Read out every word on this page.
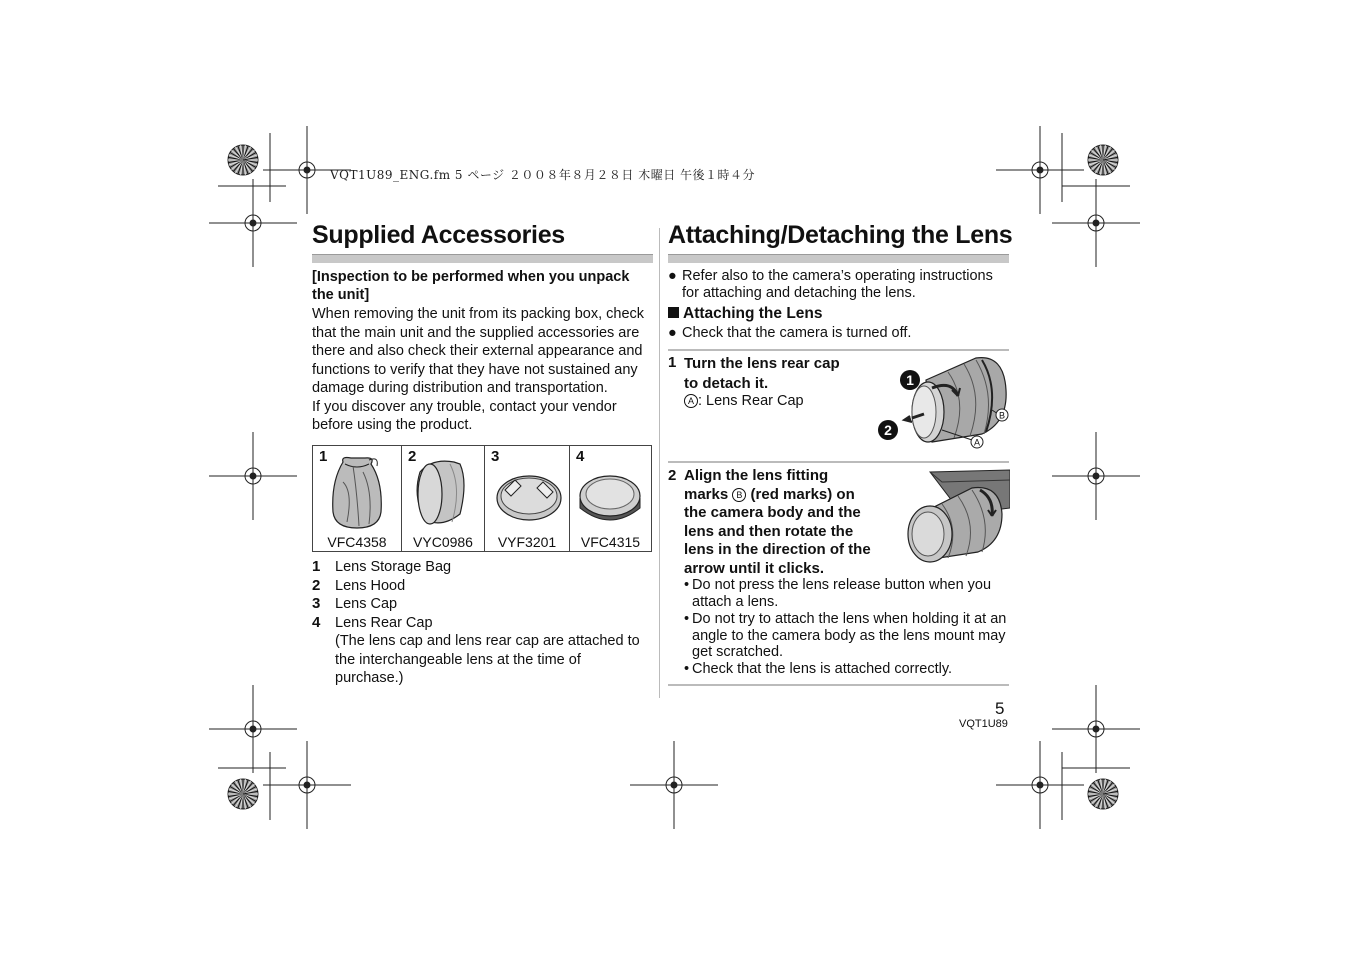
VQT1U89_ENG.fm 5 ページ ２００８年８月２８日 木曜日 午後１時４分
Supplied Accessories
[Inspection to be performed when you unpack the unit]
When removing the unit from its packing box, check
that the main unit and the supplied accessories are
there and also check their external appearance and
functions to verify that they have not sustained any
damage during distribution and transportation.
If you discover any trouble, contact your vendor
before using the product.
1
VFC4358
2
VYC0986
3
VYF3201
4
VFC4315
1 Lens Storage Bag
2 Lens Hood
3 Lens Cap
4 Lens Rear Cap
(The lens cap and lens rear cap are attached to
the interchangeable lens at the time of
purchase.)
Attaching/Detaching the Lens
● Refer also to the camera’s operating instructions
for attaching and detaching the lens.
Attaching the Lens
● Check that the camera is turned off.
1 Turn the lens rear cap
to detach it.
A : Lens Rear Cap
1
2
B
A
2 Align the lens fitting
marks B (red marks) on
the camera body and the
lens and then rotate the
lens in the direction of the
arrow until it clicks.
• Do not press the lens release button when you
attach a lens.
• Do not try to attach the lens when holding it at an
angle to the camera body as the lens mount may
get scratched.
• Check that the lens is attached correctly.
5
VQT1U89
